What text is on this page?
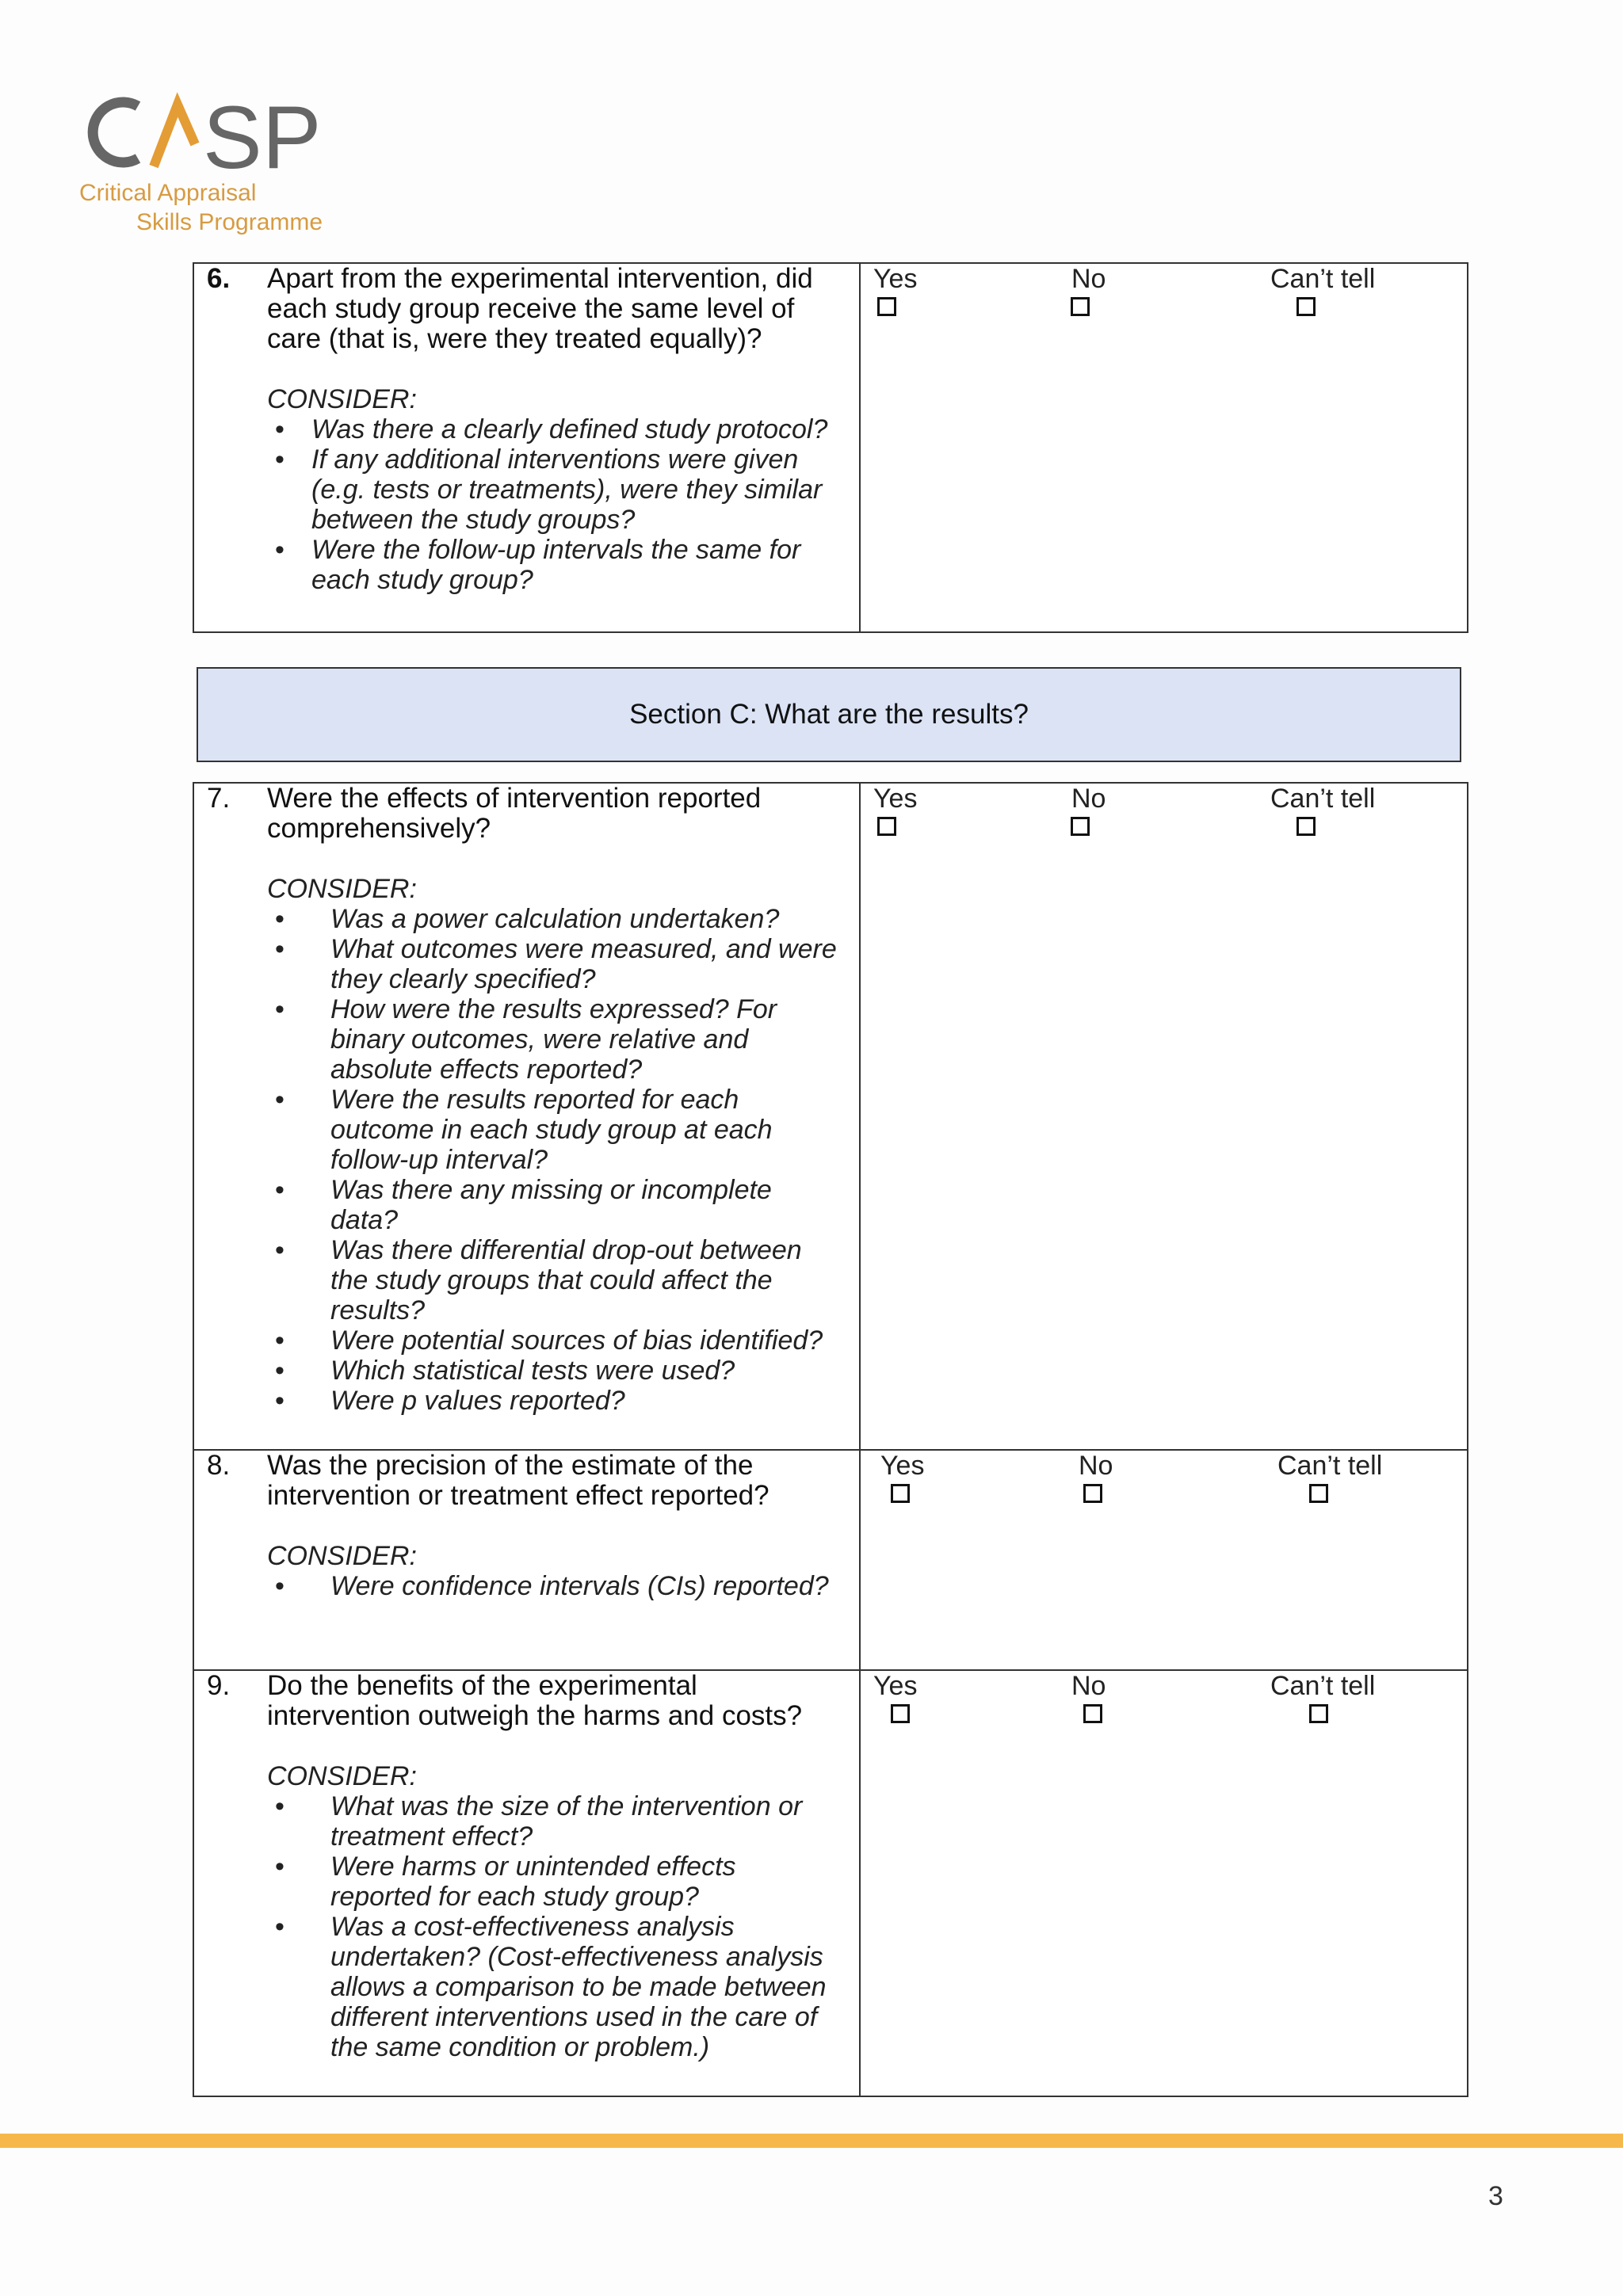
SP
Critical Appraisal
Skills Programme
6.	Apart from the experimental intervention, did each study group receive the same level of care (that is, were they treated equally)?
CONSIDER:
• Was there a clearly defined study protocol?
• If any additional interventions were given (e.g. tests or treatments), were they similar between the study groups?
• Were the follow-up intervals the same for each study group?
Yes	No	Can’t tell
Section C: What are the results?
7.	Were the effects of intervention reported comprehensively?
CONSIDER:
• Was a power calculation undertaken?
• What outcomes were measured, and were they clearly specified?
• How were the results expressed? For binary outcomes, were relative and absolute effects reported?
• Were the results reported for each outcome in each study group at each follow-up interval?
• Was there any missing or incomplete data?
• Was there differential drop-out between the study groups that could affect the results?
• Were potential sources of bias identified?
• Which statistical tests were used?
• Were p values reported?
Yes	No	Can’t tell
8.	Was the precision of the estimate of the intervention or treatment effect reported?
CONSIDER:
• Were confidence intervals (CIs) reported?
Yes	No	Can’t tell
9.	Do the benefits of the experimental intervention outweigh the harms and costs?
CONSIDER:
• What was the size of the intervention or treatment effect?
• Were harms or unintended effects reported for each study group?
• Was a cost-effectiveness analysis undertaken? (Cost-effectiveness analysis allows a comparison to be made between different interventions used in the care of the same condition or problem.)
Yes	No	Can’t tell
3
